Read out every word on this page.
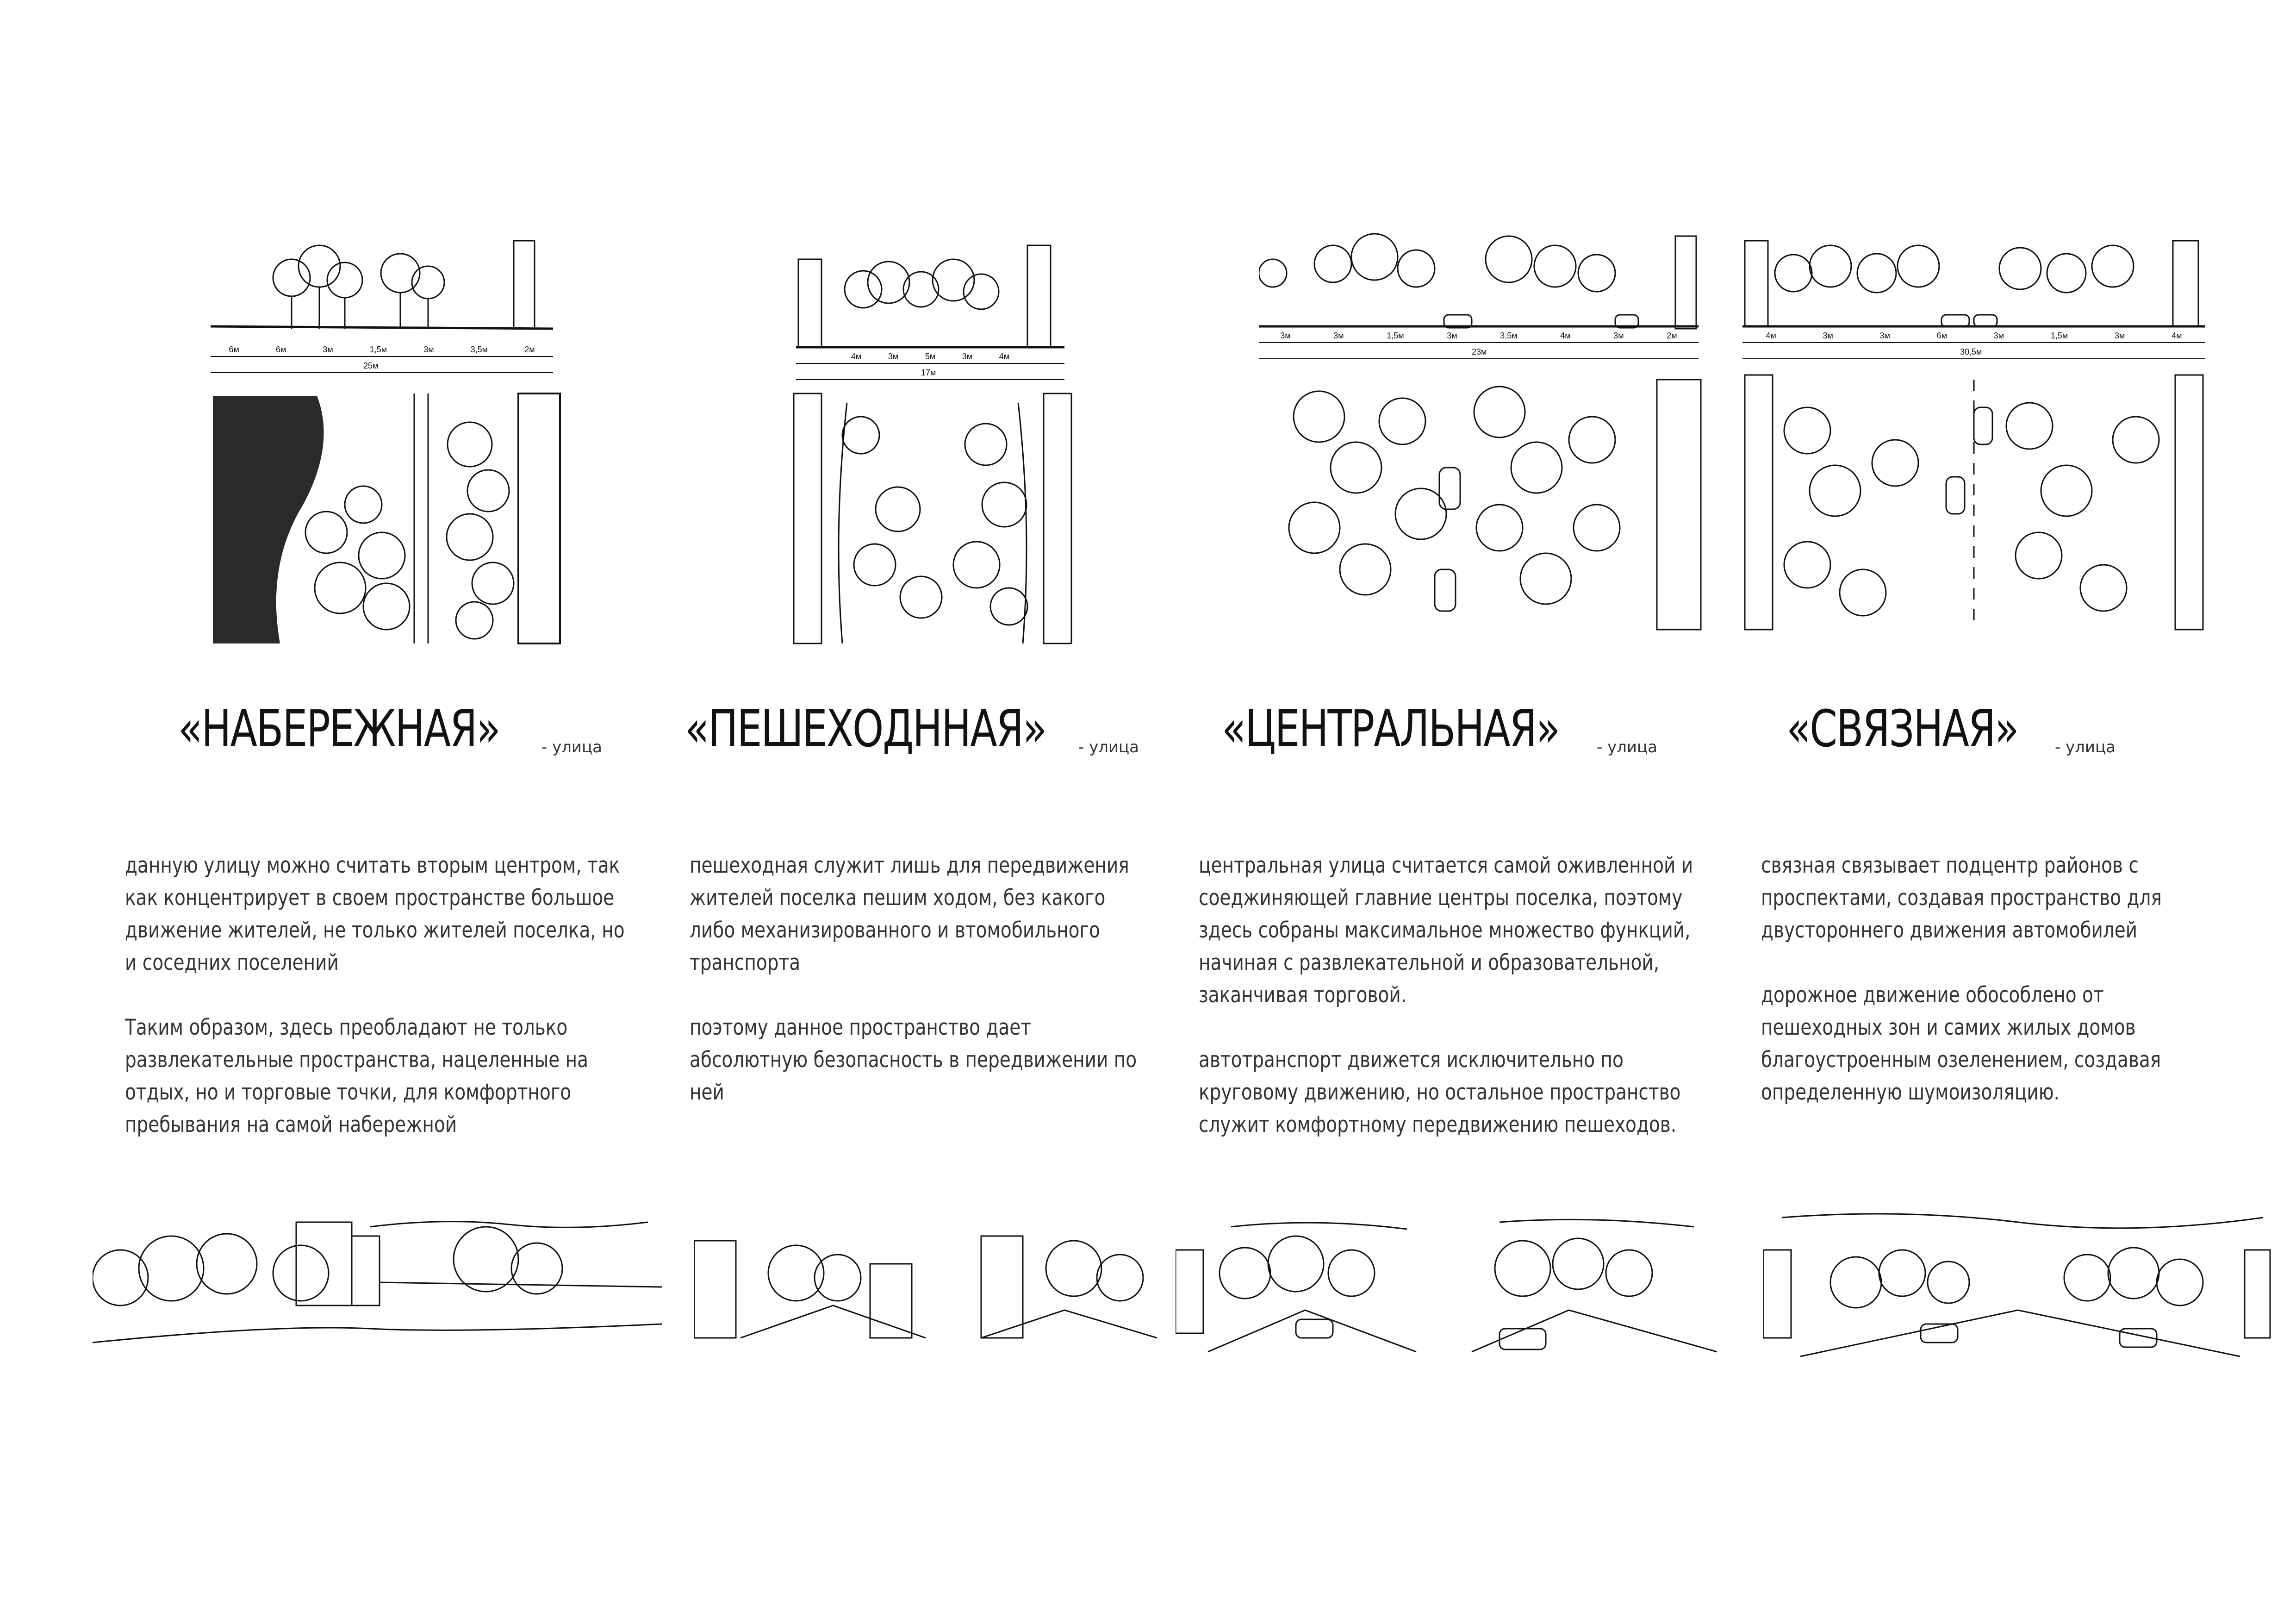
6м	6м	3м	1,5м	3м	3,5м	2м
25м
«НАБЕРЕЖНАЯ»	- улица

данную улицу можно считать вторым центром, так

как концентрирует в своем пространстве большое

движение жителей, не только жителей поселка, но

и соседних поселений

Таким образом, здесь преобладают не только

развлекательные пространства, нацеленные на

отдых, но и торговые точки, для комфортного

пребывания на самой набережной

4м	3м	5м	3м	4м
17м
«ПЕШЕХОДННАЯ» - улица

пешеходная служит лишь для передвижения

жителей поселка пешим ходом, без какого

либо механизированного и втомобильного

транспорта

поэтому данное пространство дает

абсолютную безопасность в передвижении по

ней

3м	3м	1,5м	3м	3,5м	4м	3м	2м
23м
«ЦЕНТРАЛЬНАЯ» - улица

центральная улица считается самой оживленной и

соеджиняющей главние центры поселка, поэтому

здесь собраны максимальное множество функций,

начиная с развлекательной и образовательной,

заканчивая торговой.

автотранспорт движется исключительно по

круговому движению, но остальное пространство

служит комфортному передвижению пешеходов.

4м	3м	3м	6м	3м	1,5м	3м	4м
30,5м
«СВЯЗНАЯ» - улица

связная связывает подцентр районов с

проспектами, создавая пространство для

двустороннего движения автомобилей

дорожное движение обособлено от

пешеходных зон и самих жилых домов

благоустроенным озеленением, создавая

определенную шумоизоляцию.
